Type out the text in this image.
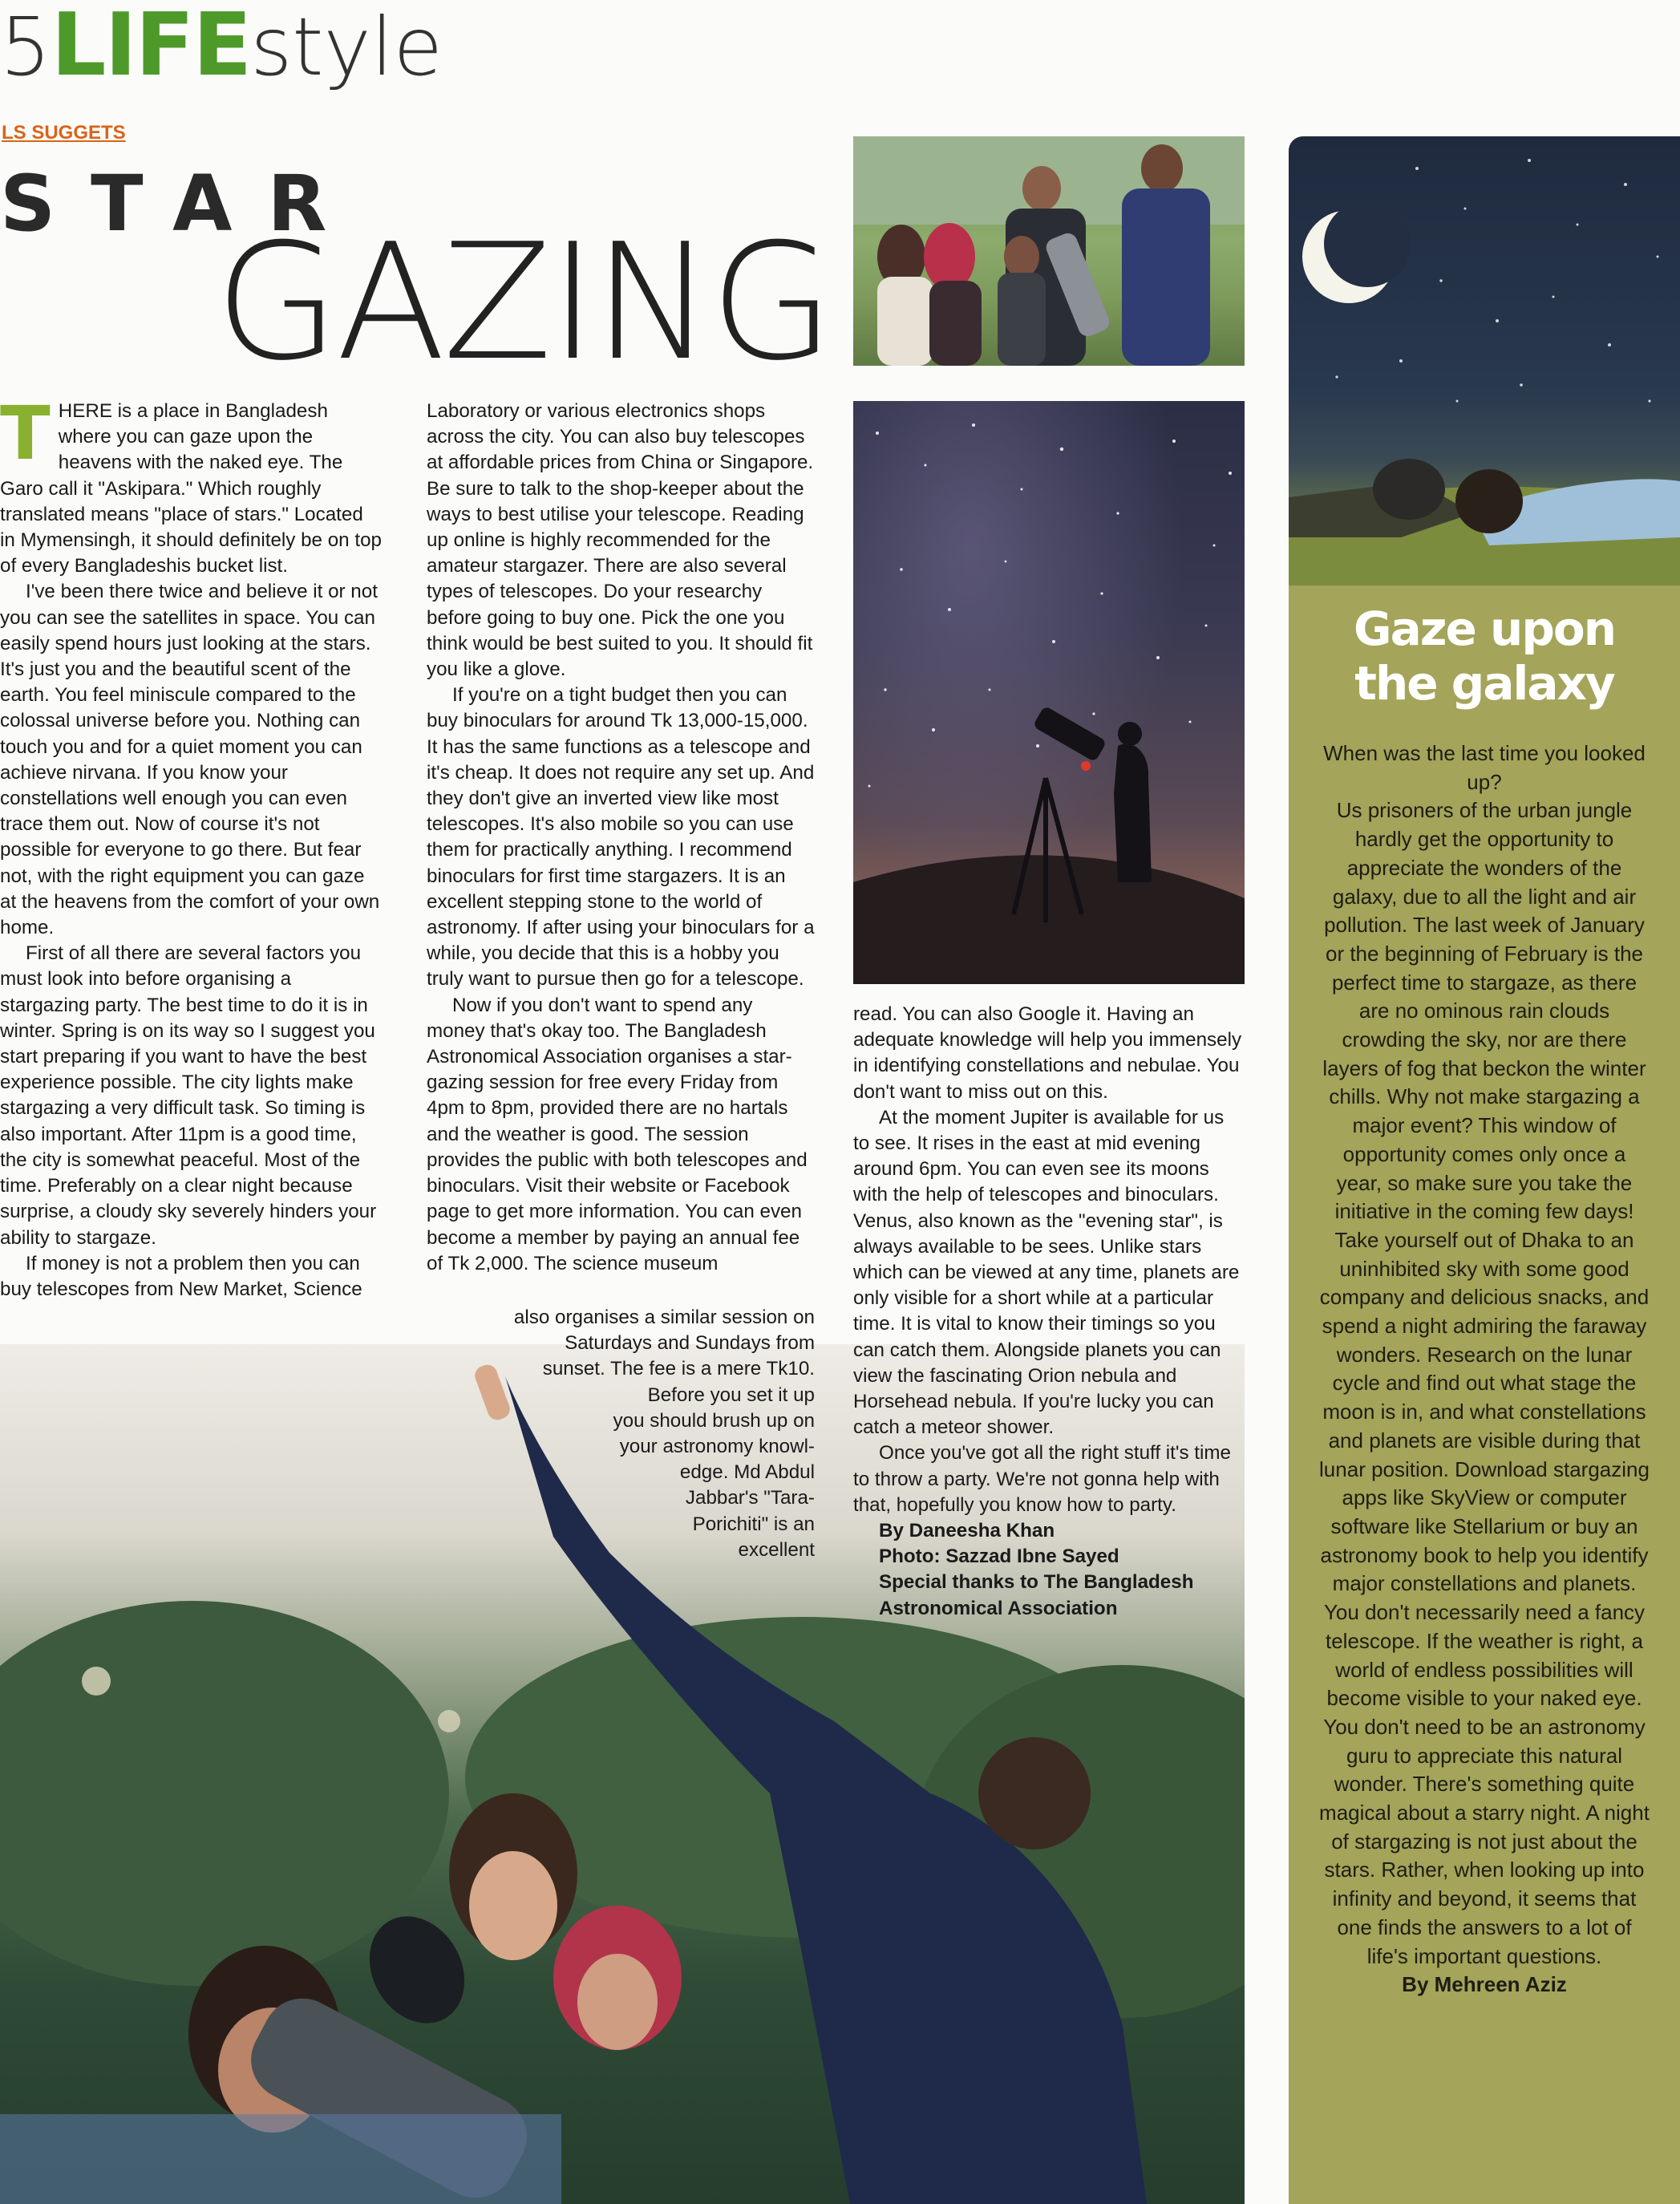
5LIFEstyle
LS SUGGETS
STAR
GAZING

THERE is a place in Bangladesh where you can gaze upon the heavens with the naked eye. The Garo call it "Askipara." Which roughly translated means "place of stars." Located in Mymensingh, it should definitely be on top of every Bangladeshis bucket list.

I've been there twice and believe it or not you can see the satellites in space. You can easily spend hours just looking at the stars. It's just you and the beautiful scent of the earth. You feel miniscule compared to the colossal universe before you. Nothing can touch you and for a quiet moment you can achieve nirvana. If you know your constellations well enough you can even trace them out. Now of course it's not possible for everyone to go there. But fear not, with the right equipment you can gaze at the heavens from the comfort of your own home.

First of all there are several factors you must look into before organising a stargazing party. The best time to do it is in winter. Spring is on its way so I suggest you start preparing if you want to have the best experience possible. The city lights make stargazing a very difficult task. So timing is also important. After 11pm is a good time, the city is somewhat peaceful. Most of the time. Preferably on a clear night because surprise, a cloudy sky severely hinders your ability to stargaze.

If money is not a problem then you can buy telescopes from New Market, Science

Laboratory or various electronics shops across the city. You can also buy telescopes at affordable prices from China or Singapore. Be sure to talk to the shop-keeper about the ways to best utilise your telescope. Reading up online is highly recommended for the amateur stargazer. There are also several types of telescopes. Do your researchy before going to buy one. Pick the one you think would be best suited to you. It should fit you like a glove.

If you're on a tight budget then you can buy binoculars for around Tk 13,000-15,000. It has the same functions as a telescope and it's cheap. It does not require any set up. And they don't give an inverted view like most telescopes. It's also mobile so you can use them for practically anything. I recommend binoculars for first time stargazers. It is an excellent stepping stone to the world of astronomy. If after using your binoculars for a while, you decide that this is a hobby you truly want to pursue then go for a telescope.

Now if you don't want to spend any money that's okay too. The Bangladesh Astronomical Association organises a star-gazing session for free every Friday from 4pm to 8pm, provided there are no hartals and the weather is good. The session provides the public with both telescopes and binoculars. Visit their website or Facebook page to get more information. You can even become a member by paying an annual fee of Tk 2,000. The science museum

also organises a similar session on
Saturdays and Sundays from
sunset. The fee is a mere Tk10.
Before you set it up
you should brush up on
your astronomy knowl-
edge. Md Abdul
Jabbar's "Tara-
Porichiti" is an
excellent

read. You can also Google it. Having an adequate knowledge will help you immensely in identifying constellations and nebulae. You don't want to miss out on this.

At the moment Jupiter is available for us to see. It rises in the east at mid evening around 6pm. You can even see its moons with the help of telescopes and binoculars. Venus, also known as the "evening star", is always available to be sees. Unlike stars which can be viewed at any time, planets are only visible for a short while at a particular time. It is vital to know their timings so you can catch them. Alongside planets you can view the fascinating Orion nebula and Horsehead nebula. If you're lucky you can catch a meteor shower.

Once you've got all the right stuff it's time to throw a party. We're not gonna help with that, hopefully you know how to party.

By Daneesha Khan

Photo: Sazzad Ibne Sayed

Special thanks to The Bangladesh

Astronomical Association

Gaze upon
the galaxy

When was the last time you looked up?

Us prisoners of the urban jungle hardly get the opportunity to appreciate the wonders of the galaxy, due to all the light and air pollution. The last week of January or the beginning of February is the perfect time to stargaze, as there are no ominous rain clouds crowding the sky, nor are there layers of fog that beckon the winter chills. Why not make stargazing a major event? This window of opportunity comes only once a year, so make sure you take the initiative in the coming few days!

Take yourself out of Dhaka to an uninhibited sky with some good company and delicious snacks, and spend a night admiring the faraway wonders. Research on the lunar cycle and find out what stage the moon is in, and what constellations and planets are visible during that lunar position. Download stargazing apps like SkyView or computer software like Stellarium or buy an astronomy book to help you identify major constellations and planets.

You don't necessarily need a fancy telescope. If the weather is right, a world of endless possibilities will become visible to your naked eye. You don't need to be an astronomy guru to appreciate this natural wonder. There's something quite magical about a starry night. A night of stargazing is not just about the stars. Rather, when looking up into infinity and beyond, it seems that one finds the answers to a lot of life's important questions.

By Mehreen Aziz
